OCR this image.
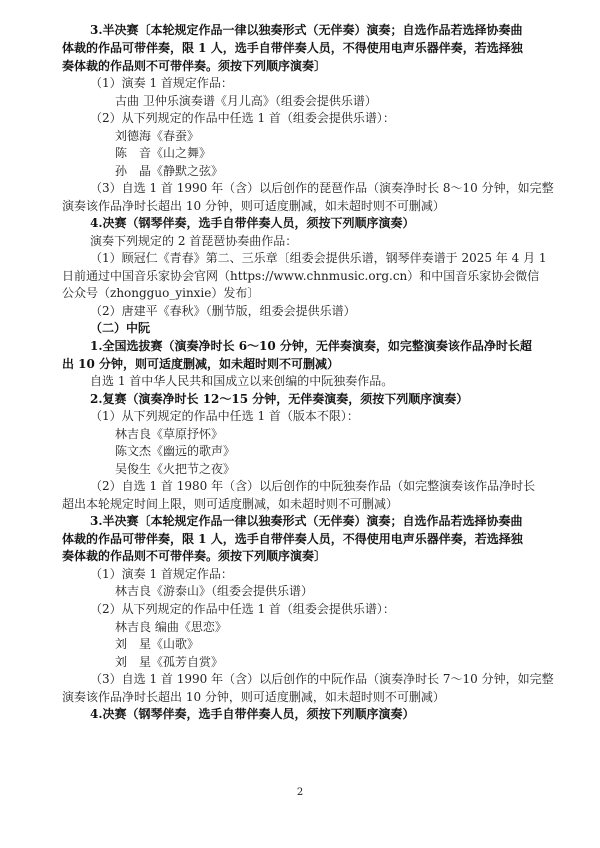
3.半决赛〔本轮规定作品一律以独奏形式（无伴奏）演奏；自选作品若选择协奏曲
体裁的作品可带伴奏，限 1 人，选手自带伴奏人员，不得使用电声乐器伴奏，若选择独
奏体裁的作品则不可带伴奏。须按下列顺序演奏〕
（1）演奏 1 首规定作品：
古曲 卫仲乐演奏谱《月儿高》（组委会提供乐谱）
（2）从下列规定的作品中任选 1 首（组委会提供乐谱）：
刘德海《春蚕》
陈　音《山之舞》
孙　晶《静默之弦》
（3）自选 1 首 1990 年（含）以后创作的琵琶作品（演奏净时长 8～10 分钟，如完整
演奏该作品净时长超出 10 分钟，则可适度删减，如未超时则不可删减）
4.决赛（钢琴伴奏，选手自带伴奏人员，须按下列顺序演奏）
演奏下列规定的 2 首琵琶协奏曲作品：
（1）顾冠仁《青春》第二、三乐章〔组委会提供乐谱，钢琴伴奏谱于 2025 年 4 月 1
日前通过中国音乐家协会官网（https://www.chnmusic.org.cn）和中国音乐家协会微信
公众号（zhongguo_yinxie）发布〕
（2）唐建平《春秋》（删节版，组委会提供乐谱）
（二）中阮
1.全国选拔赛（演奏净时长 6～10 分钟，无伴奏演奏，如完整演奏该作品净时长超
出 10 分钟，则可适度删减，如未超时则不可删减）
自选 1 首中华人民共和国成立以来创编的中阮独奏作品。
2.复赛（演奏净时长 12～15 分钟，无伴奏演奏，须按下列顺序演奏）
（1）从下列规定的作品中任选 1 首（版本不限）：
林吉良《草原抒怀》
陈文杰《幽远的歌声》
吴俊生《火把节之夜》
（2）自选 1 首 1980 年（含）以后创作的中阮独奏作品（如完整演奏该作品净时长
超出本轮规定时间上限，则可适度删减，如未超时则不可删减）
3.半决赛〔本轮规定作品一律以独奏形式（无伴奏）演奏；自选作品若选择协奏曲
体裁的作品可带伴奏，限 1 人，选手自带伴奏人员，不得使用电声乐器伴奏，若选择独
奏体裁的作品则不可带伴奏。须按下列顺序演奏〕
（1）演奏 1 首规定作品：
林吉良《游泰山》（组委会提供乐谱）
（2）从下列规定的作品中任选 1 首（组委会提供乐谱）：
林吉良 编曲《思恋》
刘　星《山歌》
刘　星《孤芳自赏》
（3）自选 1 首 1990 年（含）以后创作的中阮作品（演奏净时长 7～10 分钟，如完整
演奏该作品净时长超出 10 分钟，则可适度删减，如未超时则不可删减）
4.决赛（钢琴伴奏，选手自带伴奏人员，须按下列顺序演奏）
2
